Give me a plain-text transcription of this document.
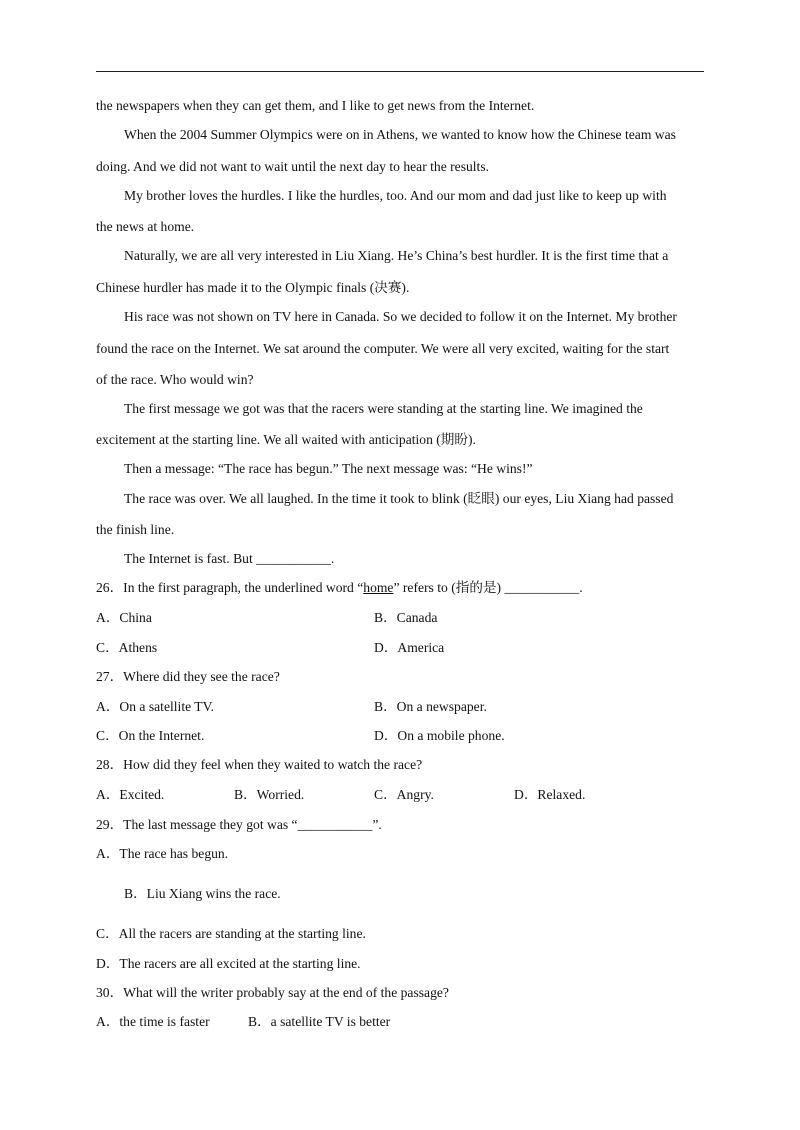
the newspapers when they can get them, and I like to get news from the Internet.
When the 2004 Summer Olympics were on in Athens, we wanted to know how the Chinese team was
doing. And we did not want to wait until the next day to hear the results.
My brother loves the hurdles. I like the hurdles, too. And our mom and dad just like to keep up with
the news at home.
Naturally, we are all very interested in Liu Xiang. He’s China’s best hurdler. It is the first time that a
Chinese hurdler has made it to the Olympic finals (决赛).
His race was not shown on TV here in Canada. So we decided to follow it on the Internet. My brother
found the race on the Internet. We sat around the computer. We were all very excited, waiting for the start
of the race. Who would win?
The first message we got was that the racers were standing at the starting line. We imagined the
excitement at the starting line. We all waited with anticipation (期盼).
Then a message: “The race has begun.” The next message was: “He wins!”
The race was over. We all laughed. In the time it took to blink (眨眼) our eyes, Liu Xiang had passed
the finish line.
The Internet is fast. But ___________.
26．In the first paragraph, the underlined word “home” refers to (指的是) ___________.
A．China	B．Canada
C．Athens	D．America
27．Where did they see the race?
A．On a satellite TV.	B．On a newspaper.
C．On the Internet.	D．On a mobile phone.
28．How did they feel when they waited to watch the race?
A．Excited.	B．Worried.	C．Angry.	D．Relaxed.
29．The last message they got was “___________”.
A．The race has begun.
B．Liu Xiang wins the race.
C．All the racers are standing at the starting line.
D．The racers are all excited at the starting line.
30．What will the writer probably say at the end of the passage?
A．the time is faster	B．a satellite TV is better
